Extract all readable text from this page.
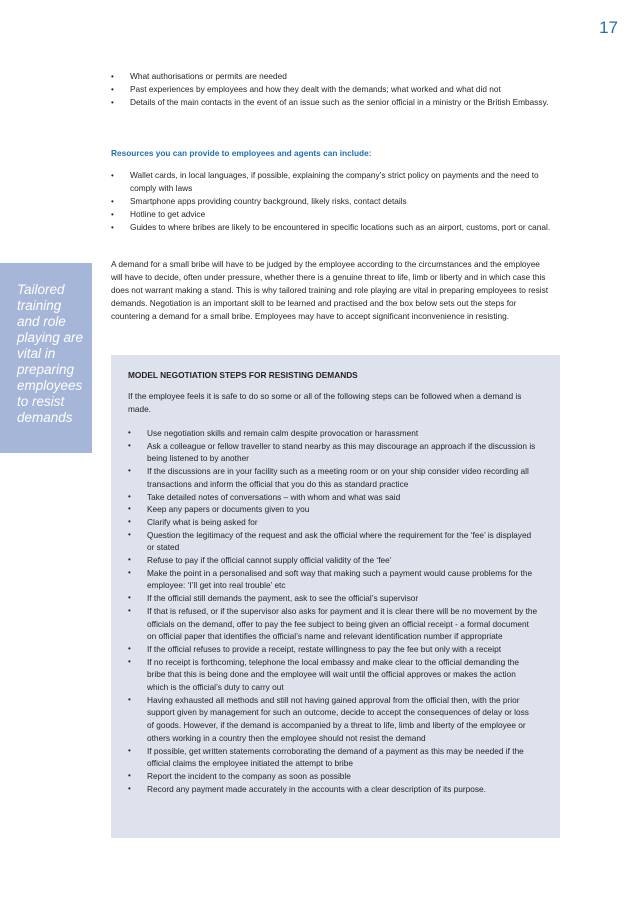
17
• What authorisations or permits are needed
• Past experiences by employees and how they dealt with the demands; what worked and what did not
• Details of the main contacts in the event of an issue such as the senior official in a ministry or the British Embassy.

Resources you can provide to employees and agents can include:

• Wallet cards, in local languages, if possible, explaining the company’s strict policy on payments and the need to comply with laws
• Smartphone apps providing country background, likely risks, contact details
• Hotline to get advice
• Guides to where bribes are likely to be encountered in specific locations such as an airport, customs, port or canal.

A demand for a small bribe will have to be judged by the employee according to the circumstances and the employee will have to decide, often under pressure, whether there is a genuine threat to life, limb or liberty and in which case this does not warrant making a stand. This is why tailored training and role playing are vital in preparing employees to resist demands. Negotiation is an important skill to be learned and practised and the box below sets out the steps for countering a demand for a small bribe. Employees may have to accept significant inconvenience in resisting.

Tailored training and role playing are vital in preparing employees to resist demands

MODEL NEGOTIATION STEPS FOR RESISTING DEMANDS

If the employee feels it is safe to do so some or all of the following steps can be followed when a demand is made.

• Use negotiation skills and remain calm despite provocation or harassment
• Ask a colleague or fellow traveller to stand nearby as this may discourage an approach if the discussion is being listened to by another
• If the discussions are in your facility such as a meeting room or on your ship consider video recording all transactions and inform the official that you do this as standard practice
• Take detailed notes of conversations – with whom and what was said
• Keep any papers or documents given to you
• Clarify what is being asked for
• Question the legitimacy of the request and ask the official where the requirement for the ‘fee’ is displayed or stated
• Refuse to pay if the official cannot supply official validity of the ‘fee’
• Make the point in a personalised and soft way that making such a payment would cause problems for the employee: ‘I’ll get into real trouble’ etc
• If the official still demands the payment, ask to see the official’s supervisor
• If that is refused, or if the supervisor also asks for payment and it is clear there will be no movement by the officials on the demand, offer to pay the fee subject to being given an official receipt - a formal document on official paper that identifies the official’s name and relevant identification number if appropriate
• If the official refuses to provide a receipt, restate willingness to pay the fee but only with a receipt
• If no receipt is forthcoming, telephone the local embassy and make clear to the official demanding the bribe that this is being done and the employee will wait until the official approves or makes the action which is the official’s duty to carry out
• Having exhausted all methods and still not having gained approval from the official then, with the prior support given by management for such an outcome, decide to accept the consequences of delay or loss of goods. However, if the demand is accompanied by a threat to life, limb and liberty of the employee or others working in a country then the employee should not resist the demand
• If possible, get written statements corroborating the demand of a payment as this may be needed if the official claims the employee initiated the attempt to bribe
• Report the incident to the company as soon as possible
• Record any payment made accurately in the accounts with a clear description of its purpose.
